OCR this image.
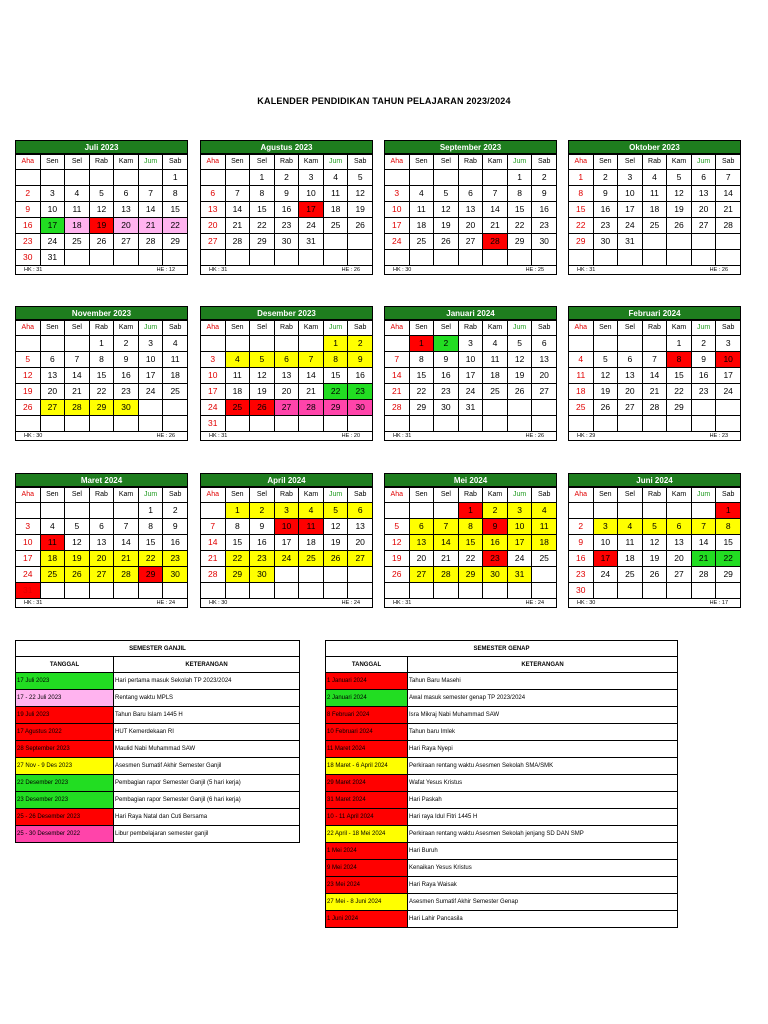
KALENDER PENDIDIKAN TAHUN PELAJARAN 2023/2024
Juli 2023
Aha	Sen	Sel	Rab	Kam	Jum	Sab
						1
2	3	4	5	6	7	8
9	10	11	12	13	14	15
16	17	18	19	20	21	22
23	24	25	26	27	28	29
30	31					
HK : 31	HE : 12
Agustus 2023
Aha	Sen	Sel	Rab	Kam	Jum	Sab
		1	2	3	4	5
6	7	8	9	10	11	12
13	14	15	16	17	18	19
20	21	22	23	24	25	26
27	28	29	30	31		

HK : 31	HE : 26
September 2023
Aha	Sen	Sel	Rab	Kam	Jum	Sab
					1	2
3	4	5	6	7	8	9
10	11	12	13	14	15	16
17	18	19	20	21	22	23
24	25	26	27	28	29	30

HK : 30	HE : 25
Oktober 2023
Aha	Sen	Sel	Rab	Kam	Jum	Sab
1	2	3	4	5	6	7
8	9	10	11	12	13	14
15	16	17	18	19	20	21
22	23	24	25	26	27	28
29	30	31				

HK : 31	HE : 26
November 2023
Aha	Sen	Sel	Rab	Kam	Jum	Sab
			1	2	3	4
5	6	7	8	9	10	11
12	13	14	15	16	17	18
19	20	21	22	23	24	25
26	27	28	29	30		

HK : 30	HE : 26
Desember 2023
Aha	Sen	Sel	Rab	Kam	Jum	Sab
					1	2
3	4	5	6	7	8	9
10	11	12	13	14	15	16
17	18	19	20	21	22	23
24	25	26	27	28	29	30
31						
HK : 31	HE : 20
Januari 2024
Aha	Sen	Sel	Rab	Kam	Jum	Sab
	1	2	3	4	5	6
7	8	9	10	11	12	13
14	15	16	17	18	19	20
21	22	23	24	25	26	27
28	29	30	31			

HK : 31	HE : 26
Februari 2024
Aha	Sen	Sel	Rab	Kam	Jum	Sab
				1	2	3
4	5	6	7	8	9	10
11	12	13	14	15	16	17
18	19	20	21	22	23	24
25	26	27	28	29		

HK : 29	HE : 23
Maret 2024
Aha	Sen	Sel	Rab	Kam	Jum	Sab
					1	2
3	4	5	6	7	8	9
10	11	12	13	14	15	16
17	18	19	20	21	22	23
24	25	26	27	28	29	30
31						
HK : 31	HE : 24
April 2024
Aha	Sen	Sel	Rab	Kam	Jum	Sab
	1	2	3	4	5	6
7	8	9	10	11	12	13
14	15	16	17	18	19	20
21	22	23	24	25	26	27
28	29	30				

HK : 30	HE : 24
Mei 2024
Aha	Sen	Sel	Rab	Kam	Jum	Sab
			1	2	3	4
5	6	7	8	9	10	11
12	13	14	15	16	17	18
19	20	21	22	23	24	25
26	27	28	29	30	31	

HK : 31	HE : 24
Juni 2024
Aha	Sen	Sel	Rab	Kam	Jum	Sab
						1
2	3	4	5	6	7	8
9	10	11	12	13	14	15
16	17	18	19	20	21	22
23	24	25	26	27	28	29
30						
HK : 30	HE : 17
SEMESTER GANJIL	
TANGGAL	KETERANGAN
17 Juli 2023	Hari pertama masuk Sekolah TP 2023/2024
17 - 22 Juli 2023	Rentang waktu MPLS
19 Juli 2023	Tahun Baru Islam 1445 H
17 Agustus 2022	HUT Kemerdekaan RI
28 September 2023	Maulid Nabi Muhammad SAW
27 Nov - 9 Des 2023	Asesmen Sumatif Akhir Semester Ganjil
22 Desember 2023	Pembagian rapor Semester Ganjil (5 hari kerja)
23 Desember 2023	Pembagian rapor Semester Ganjil (6 hari kerja)
25 - 26 Desember 2023	Hari Raya Natal dan Cuti Bersama
25 - 30 Desember 2022	Libur pembelajaran semester ganjil
SEMESTER GENAP	
TANGGAL	KETERANGAN
1 Januari 2024	Tahun Baru Masehi
2 Januari 2024	Awal masuk semester genap TP 2023/2024
8 Februari 2024	Isra Mikraj Nabi Muhammad SAW
10 Februari 2024	Tahun baru Imlek
11 Maret 2024	Hari Raya Nyepi
18 Maret - 6 April 2024	Perkiraan rentang waktu Asesmen Sekolah SMA/SMK
29 Maret 2024	Wafat Yesus Kristus
31 Maret 2024	Hari Paskah
10 - 11 April 2024	Hari raya Idul Fitri 1445 H
22 April - 18 Mei 2024	Perkiraan rentang waktu Asesmen Sekolah jenjang SD DAN SMP
1 Mei 2024	Hari Buruh
9 Mei 2024	Kenaikan Yesus Kristus
23 Mei 2024	Hari Raya Waisak
27 Mei - 8 Juni 2024	Asesmen Sumatif Akhir Semester Genap
1 Juni 2024	Hari Lahir Pancasila
